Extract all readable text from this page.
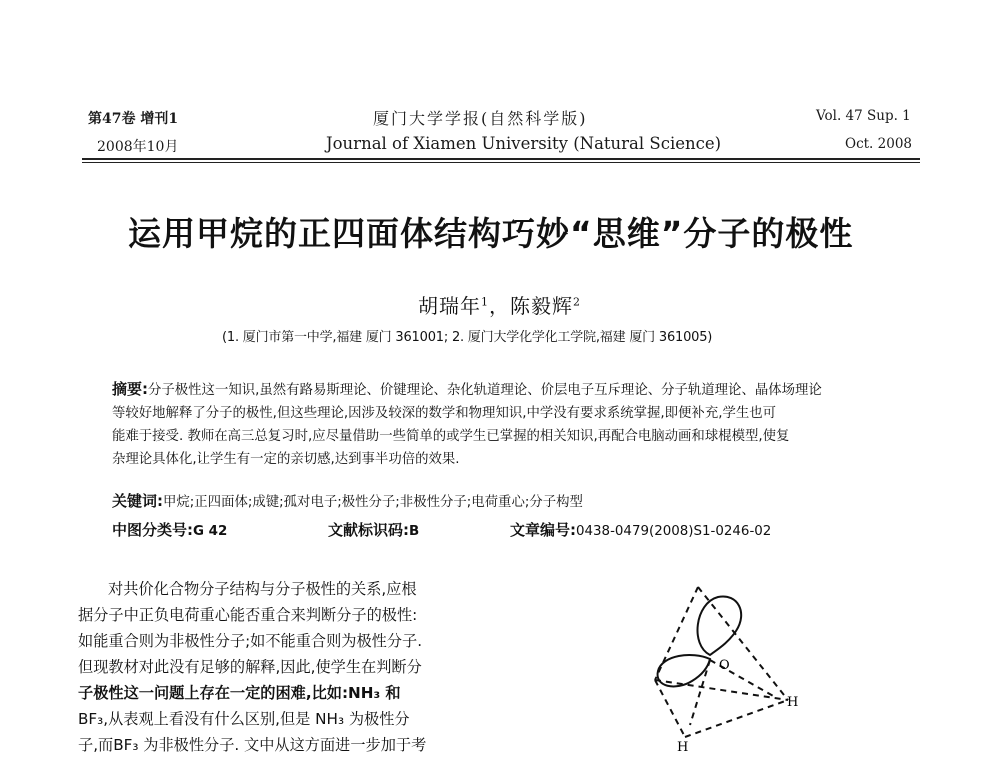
第47卷 增刊1
2008年10月
厦门大学学报(自然科学版)
Journal of Xiamen University (Natural Science)
Vol. 47 Sup. 1
Oct. 2008
运用甲烷的正四面体结构巧妙“思维”分子的极性
胡瑞年$^1$，陈毅辉$^2$
(1. 厦门市第一中学,福建 厦门 361001; 2. 厦门大学化学化工学院,福建 厦门 361005)
摘要:分子极性这一知识,虽然有路易斯理论、价键理论、杂化轨道理论、价层电子互斥理论、分子轨道理论、晶体场理论
等较好地解释了分子的极性,但这些理论,因涉及较深的数学和物理知识,中学没有要求系统掌握,即便补充,学生也可
能难于接受. 教师在高三总复习时,应尽量借助一些简单的或学生已掌握的相关知识,再配合电脑动画和球棍模型,使复
杂理论具体化,让学生有一定的亲切感,达到事半功倍的效果.
关键词:甲烷;正四面体;成键;孤对电子;极性分子;非极性分子;电荷重心;分子构型
中图分类号:G 42	文献标识码:B	文章编号:0438-0479(2008)S1-0246-02
对共价化合物分子结构与分子极性的关系,应根
据分子中正负电荷重心能否重合来判断分子的极性:
如能重合则为非极性分子;如不能重合则为极性分子.
但现教材对此没有足够的解释,因此,使学生在判断分
子极性这一问题上存在一定的困难,比如:NH₃ 和
BF₃,从表观上看没有什么区别,但是 NH₃ 为极性分
子,而BF₃ 为非极性分子. 文中从这方面进一步加于考
O
H
H
